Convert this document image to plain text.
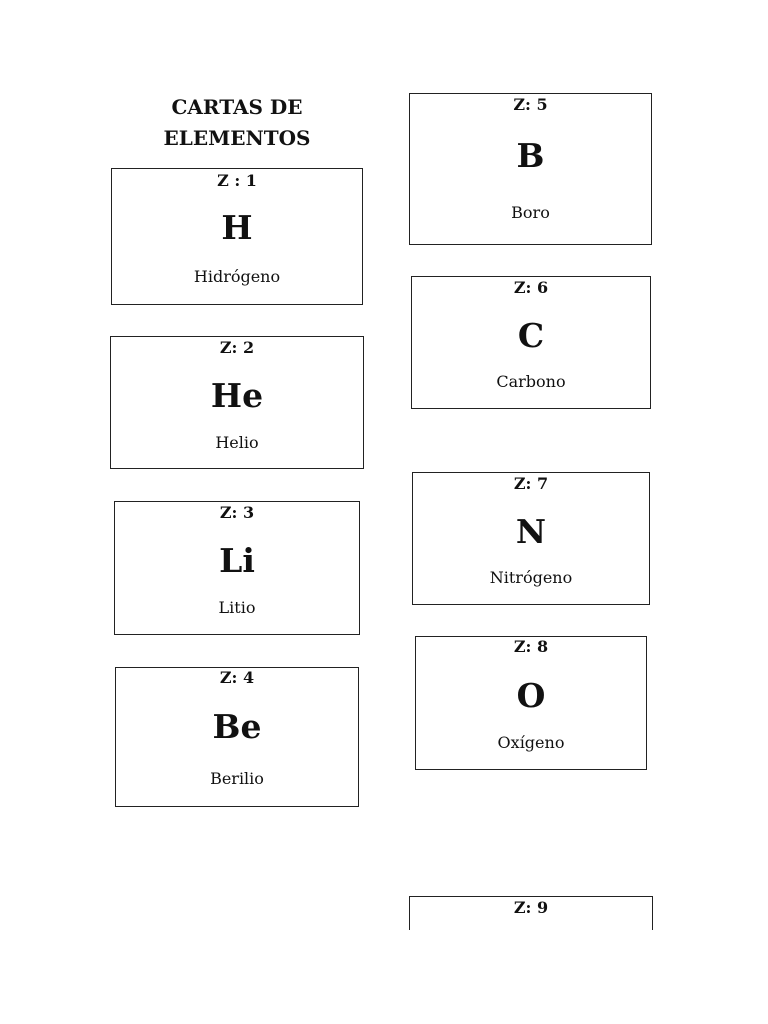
CARTAS DE
ELEMENTOS
Z : 1
H
Hidrógeno
Z: 2
He
Helio
Z: 3
Li
Litio
Z: 4
Be
Berilio
Z: 5
B
Boro
Z: 6
C
Carbono
Z: 7
N
Nitrógeno
Z: 8
O
Oxígeno
Z: 9
